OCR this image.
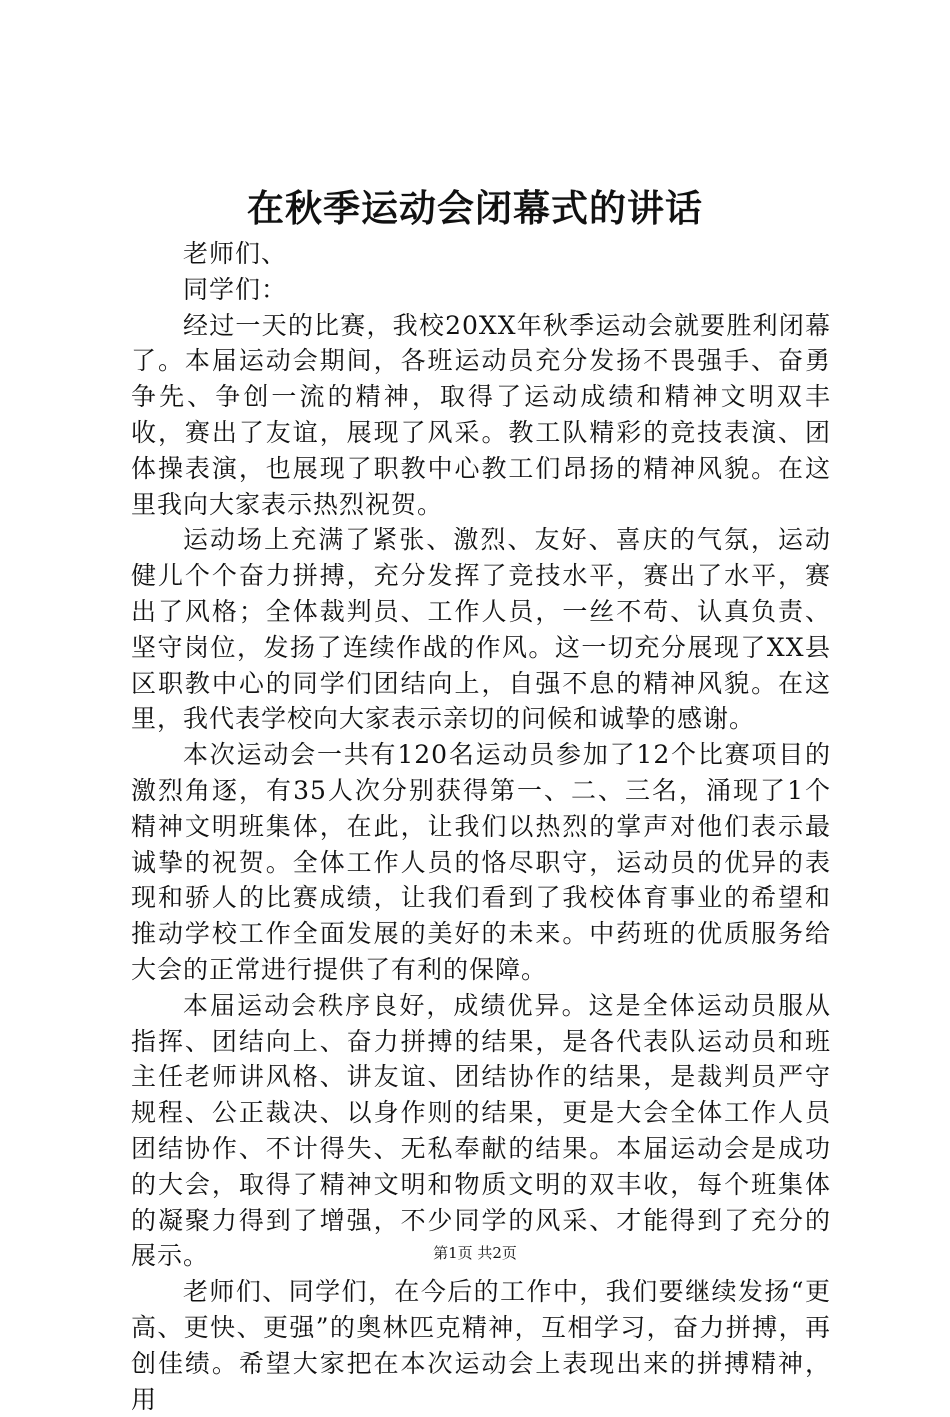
在秋季运动会闭幕式的讲话

老师们、

同学们：

经过一天的比赛，我校20XX年秋季运动会就要胜利闭幕了。本届运动会期间，各班运动员充分发扬不畏强手、奋勇争先、争创一流的精神，取得了运动成绩和精神文明双丰收，赛出了友谊，展现了风采。教工队精彩的竞技表演、团体操表演，也展现了职教中心教工们昂扬的精神风貌。在这里我向大家表示热烈祝贺。

运动场上充满了紧张、激烈、友好、喜庆的气氛，运动健儿个个奋力拼搏，充分发挥了竞技水平，赛出了水平，赛出了风格；全体裁判员、工作人员，一丝不苟、认真负责、坚守岗位，发扬了连续作战的作风。这一切充分展现了XX县区职教中心的同学们团结向上，自强不息的精神风貌。在这里，我代表学校向大家表示亲切的问候和诚挚的感谢。

本次运动会一共有120名运动员参加了12个比赛项目的激烈角逐，有35人次分别获得第一、二、三名，涌现了1个精神文明班集体，在此，让我们以热烈的掌声对他们表示最诚挚的祝贺。全体工作人员的恪尽职守，运动员的优异的表现和骄人的比赛成绩，让我们看到了我校体育事业的希望和推动学校工作全面发展的美好的未来。中药班的优质服务给大会的正常进行提供了有利的保障。

本届运动会秩序良好，成绩优异。这是全体运动员服从指挥、团结向上、奋力拼搏的结果，是各代表队运动员和班主任老师讲风格、讲友谊、团结协作的结果，是裁判员严守规程、公正裁决、以身作则的结果，更是大会全体工作人员团结协作、不计得失、无私奉献的结果。本届运动会是成功的大会，取得了精神文明和物质文明的双丰收，每个班集体的凝聚力得到了增强，不少同学的风采、才能得到了充分的展示。

老师们、同学们，在今后的工作中，我们要继续发扬“更高、更快、更强”的奥林匹克精神，互相学习，奋力拼搏，再创佳绩。希望大家把在本次运动会上表现出来的拼搏精神，用

第1页 共2页
